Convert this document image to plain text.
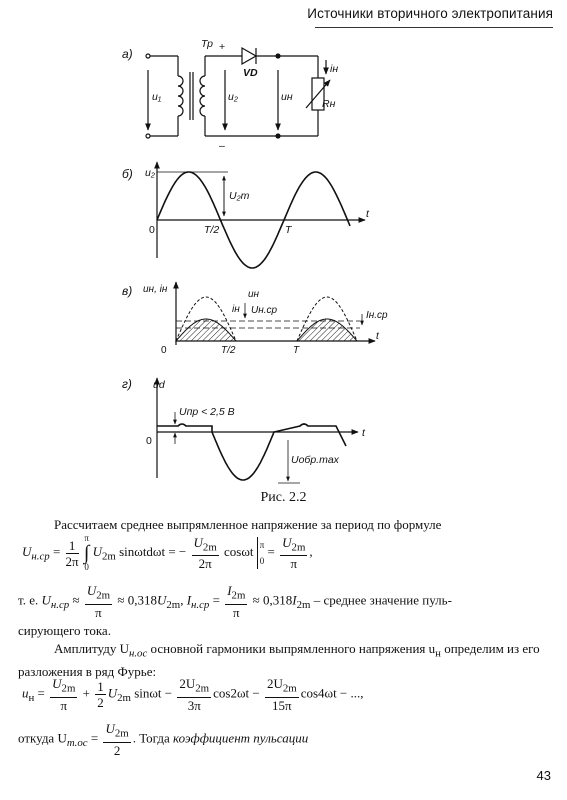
Источники вторичного электропитания
а)
Тр +
–
VD
u₁	u₂	uн
Rн
iн
б) u₂
U₂m
0	T/2	T
t
в) uн, iн	uн
iн Uн.ср	Iн.ср
0	T/2	T
t
г) ud
Uпр < 2,5 В
Uобр.max
0
t
Рис. 2.2
Рассчитаем среднее выпрямленное напряжение за период по формуле
$U_{н.ср} = \frac{1}{2\pi}$
π
∫
0
$U_{2m}$ sinωtdωt = − $\frac{U_{2m}}{2\pi}$ cosωt π
0
= $\frac{U_{2m}}{\pi}$ ,
т. е. $U_{н.ср} \approx \frac{U_{2m}}{\pi} \approx 0,318U_{2m}$, $I_{н.ср} = \frac{I_{2m}}{\pi} \approx 0,318I_{2m}$ – среднее значение пуль-
сирующего тока.
Амплитуду $U_{н.ос}$ основной гармоники выпрямленного напряжения $u_н$ определим из его разложения в ряд Фурье:
$u_н = \frac{U_{2m}}{\pi} + \frac{1}{2} U_{2m}$ $\sin\omega t - \frac{2U_{2m}}{3\pi} \cos 2\omega t - \frac{2U_{2m}}{15\pi} \cos 4\omega t$ − ...,
откуда $U_{m.oc} = \frac{U_{2m}}{2}$ . Тогда коэффициент пульсации
43
